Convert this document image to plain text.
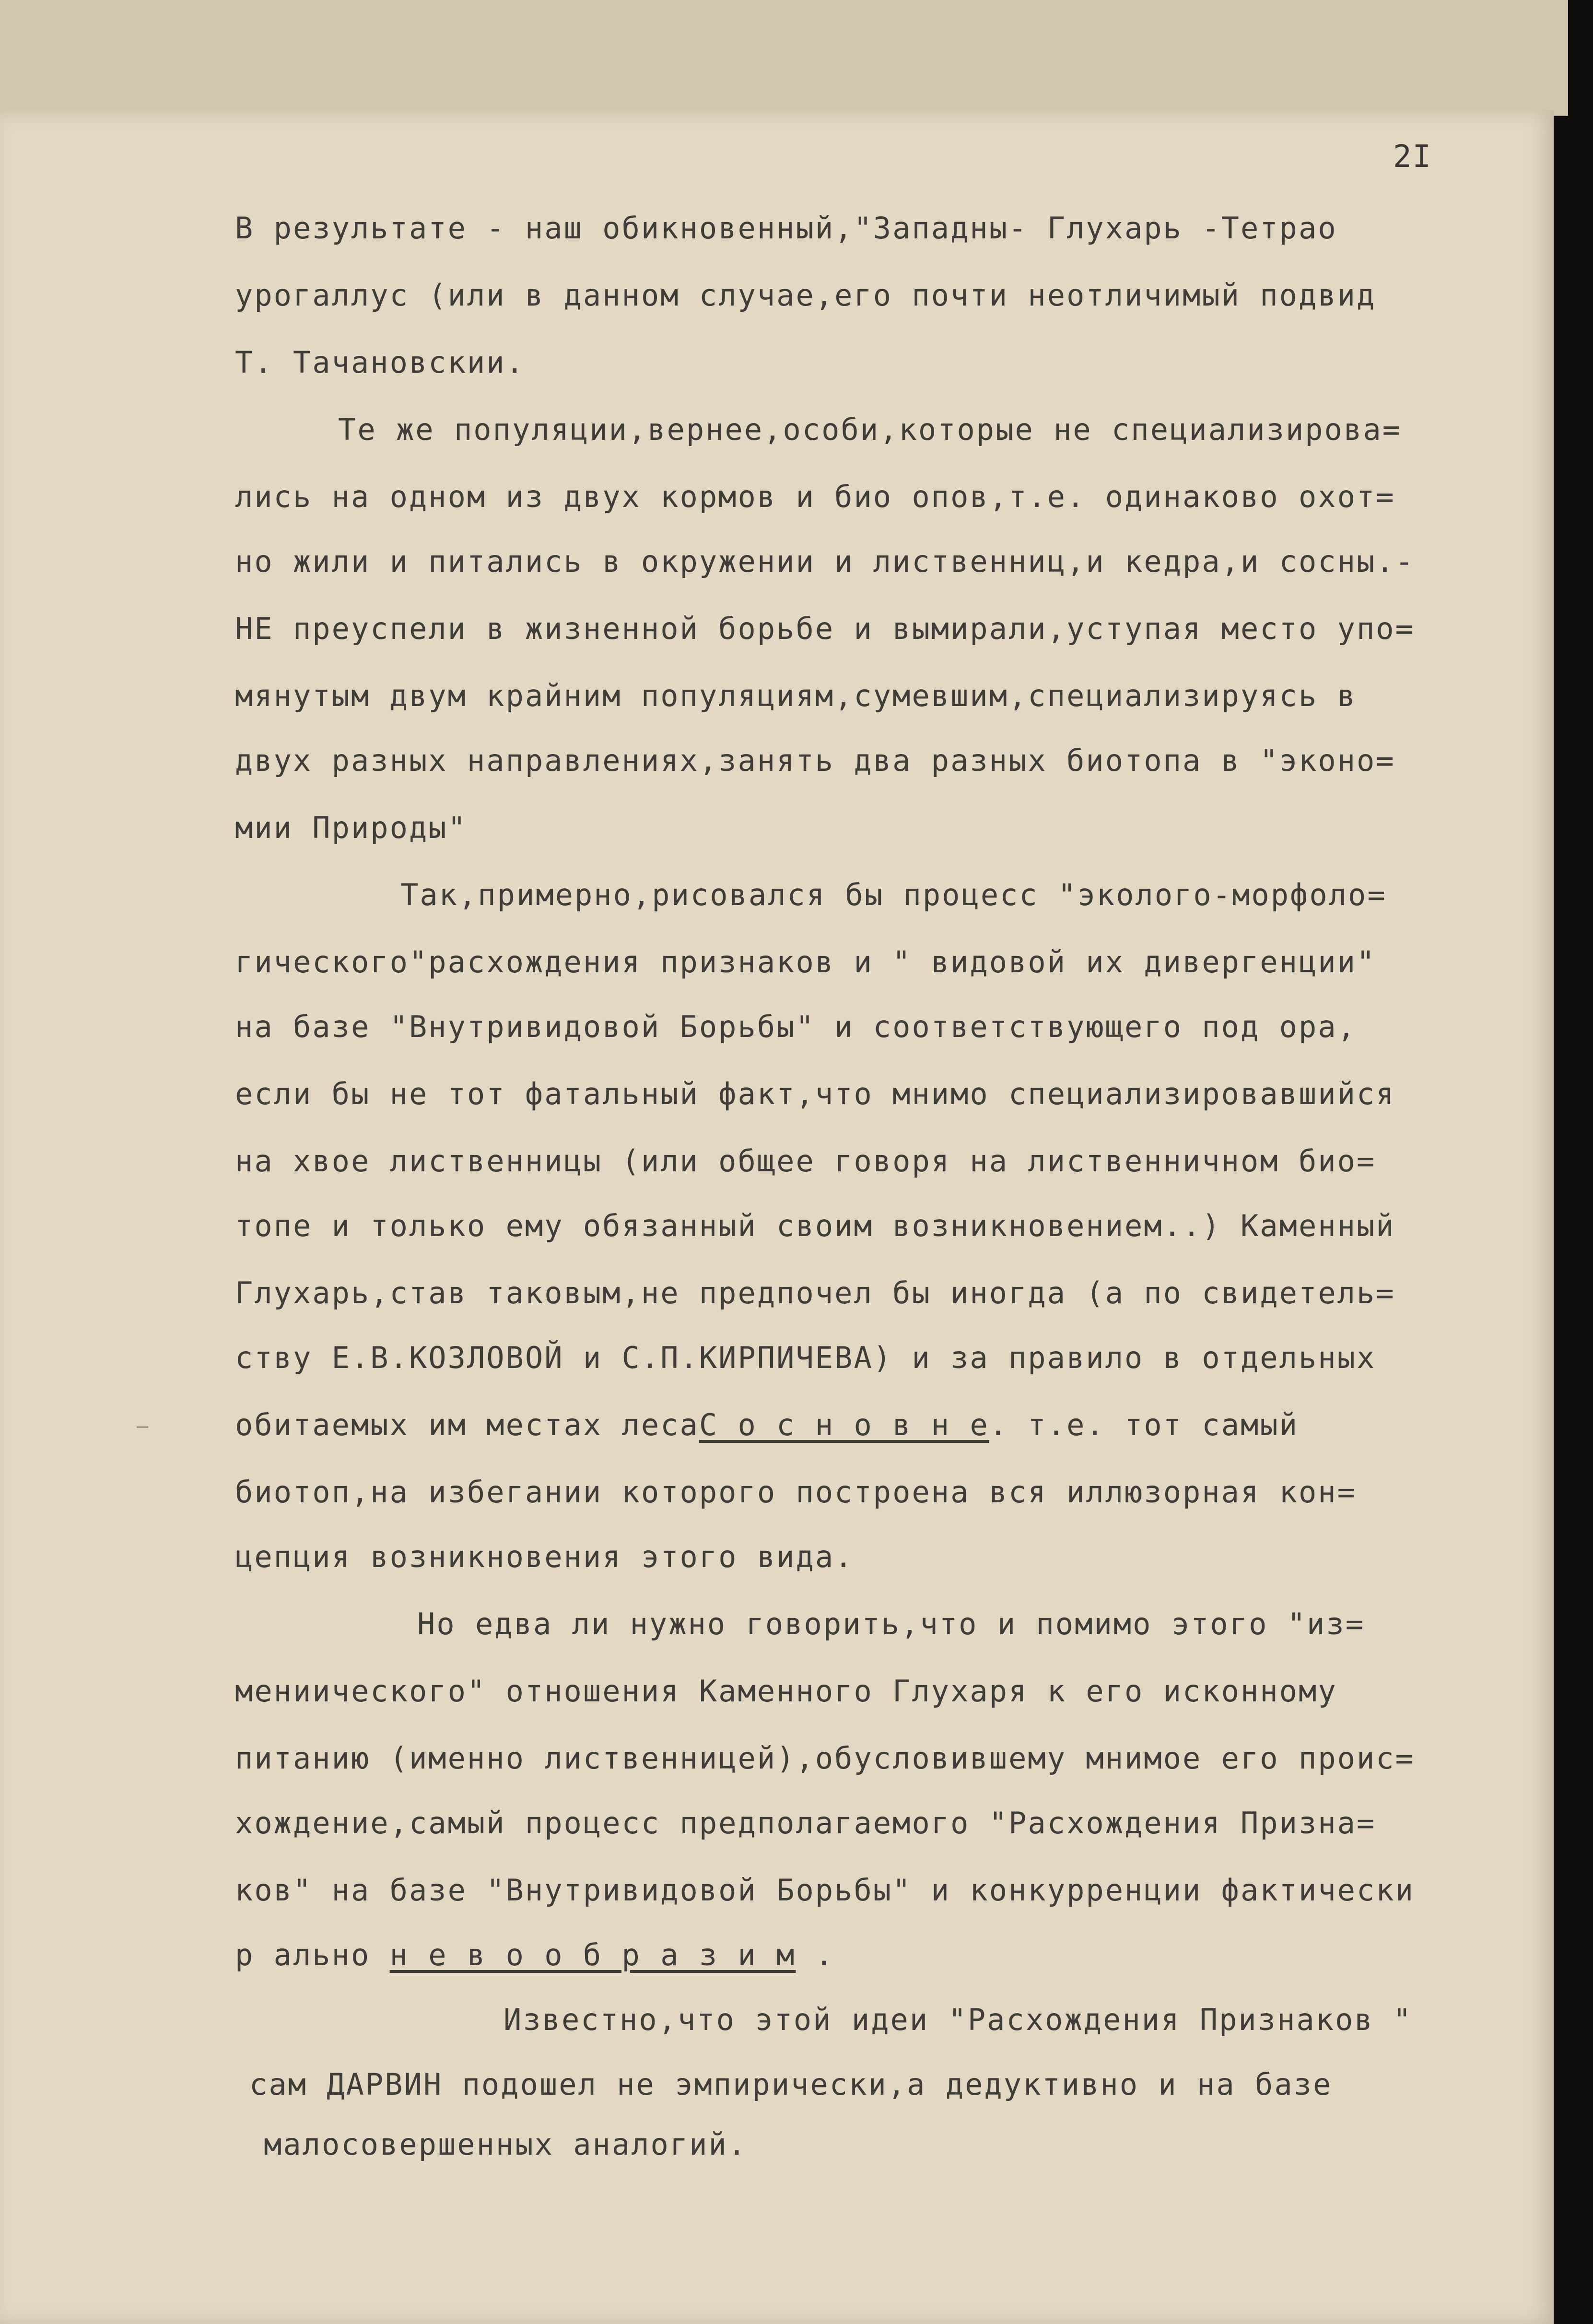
2I
В результате - наш обикновенный,"Западны- Глухарь -Тетрао
урогаллус (или в данном случае,его почти неотличимый подвид
Т. Тачановскии.
Те же популяции,вернее,особи,которые не специализирова=
лись на одном из двух кормов и био опов,т.е. одинаково охот=
но жили и питались в окружении и лиственниц,и кедра,и сосны.-
НЕ преуспели в жизненной борьбе и вымирали,уступая место упо=
мянутым двум крайним популяциям,сумевшим,специализируясь в
двух разных направлениях,занять два разных биотопа в "эконо=
мии Природы"
Так,примерно,рисовался бы процесс "эколого-морфоло=
гического"расхождения признаков и " видовой их дивергенции"
на базе "Внутривидовой Борьбы" и соответствующего под ора,
если бы не тот фатальный факт,что мнимо специализировавшийся
на хвое лиственницы (или общее говоря на лиственничном био=
топе и только ему обязанный своим возникновением..) Каменный
Глухарь,став таковым,не предпочел бы иногда (а по свидетель=
ству Е.В.КОЗЛОВОЙ и С.П.КИРПИЧЕВА) и за правило в отдельных
обитаемых им местах лесаС о с н о в н е. т.е. тот самый
биотоп,на избегании которого построена вся иллюзорная кон=
цепция возникновения этого вида.
Но едва ли нужно говорить,что и помимо этого "из=
мениического" отношения Каменного Глухаря к его исконному
питанию (именно лиственницей),обусловившему мнимое его проис=
хождение,самый процесс предполагаемого "Расхождения Призна=
ков" на базе "Внутривидовой Борьбы" и конкурренции фактически
р ально н е в о о б р а з и м .
Известно,что этой идеи "Расхождения Признаков "
сам ДАРВИН подошел не эмпирически,а дедуктивно и на базе
малосовершенных аналогий.
—
